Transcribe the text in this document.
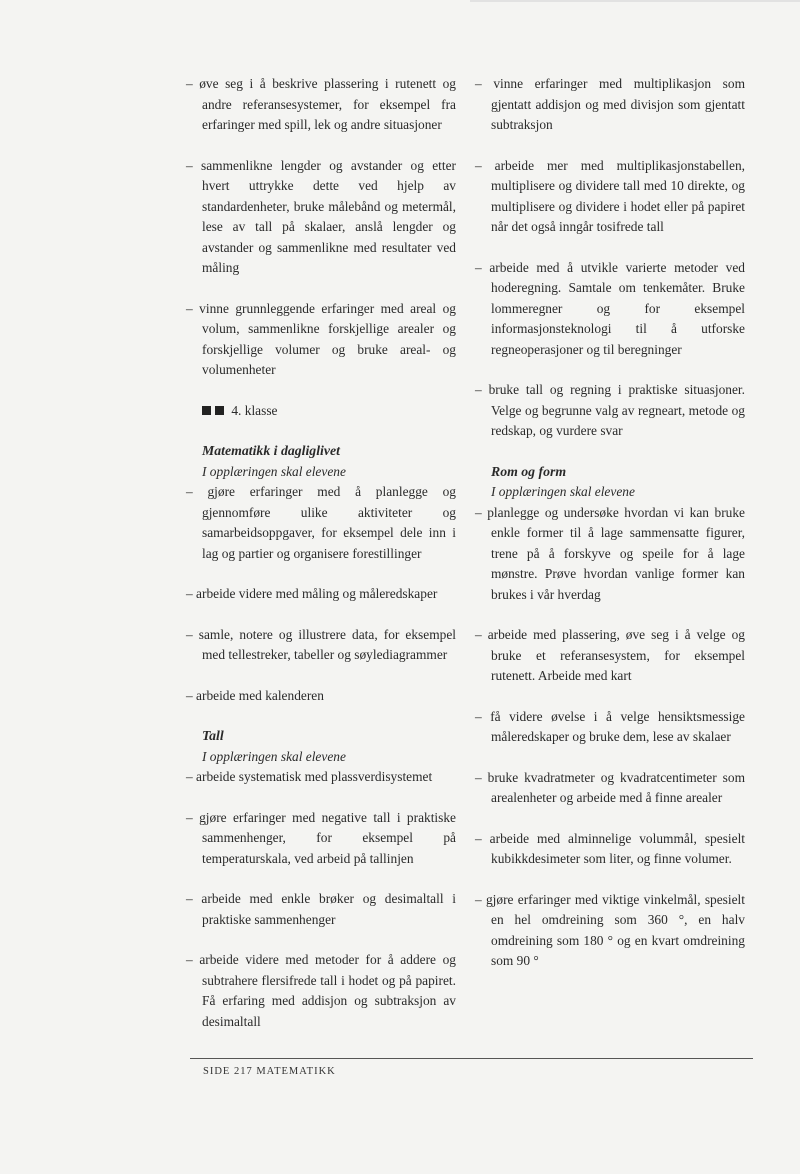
– øve seg i å beskrive plassering i rutenett og andre referansesystemer, for eksempel fra erfaringer med spill, lek og andre situasjoner

– sammenlikne lengder og avstander og etter hvert uttrykke dette ved hjelp av standardenheter, bruke målebånd og metermål, lese av tall på skalaer, anslå lengder og avstander og sammenlikne med resultater ved måling

– vinne grunnleggende erfaringer med areal og volum, sammenlikne forskjellige arealer og forskjellige volumer og bruke areal- og volumenheter

4. klasse
Matematikk i dagliglivet
I opplæringen skal elevene

– gjøre erfaringer med å planlegge og gjennomføre ulike aktiviteter og samarbeidsoppgaver, for eksempel dele inn i lag og partier og organisere forestillinger

– arbeide videre med måling og måleredskaper

– samle, notere og illustrere data, for eksempel med tellestreker, tabeller og søylediagrammer

– arbeide med kalenderen

Tall
I opplæringen skal elevene

– arbeide systematisk med plassverdisystemet

– gjøre erfaringer med negative tall i praktiske sammenhenger, for eksempel på temperaturskala, ved arbeid på tallinjen

– arbeide med enkle brøker og desimaltall i praktiske sammenhenger

– arbeide videre med metoder for å addere og subtrahere flersifrede tall i hodet og på papiret. Få erfaring med addisjon og subtraksjon av desimaltall

– vinne erfaringer med multiplikasjon som gjentatt addisjon og med divisjon som gjentatt subtraksjon

– arbeide mer med multiplikasjonstabellen, multiplisere og dividere tall med 10 direkte, og multiplisere og dividere i hodet eller på papiret når det også inngår tosifrede tall

– arbeide med å utvikle varierte metoder ved hoderegning. Samtale om tenkemåter. Bruke lommeregner og for eksempel informasjonsteknologi til å utforske regneoperasjoner og til beregninger

– bruke tall og regning i praktiske situasjoner. Velge og begrunne valg av regneart, metode og redskap, og vurdere svar

Rom og form
I opplæringen skal elevene

– planlegge og undersøke hvordan vi kan bruke enkle former til å lage sammensatte figurer, trene på å forskyve og speile for å lage mønstre. Prøve hvordan vanlige former kan brukes i vår hverdag

– arbeide med plassering, øve seg i å velge og bruke et referansesystem, for eksempel rutenett. Arbeide med kart

– få videre øvelse i å velge hensiktsmessige måleredskaper og bruke dem, lese av skalaer

– bruke kvadratmeter og kvadratcentimeter som arealenheter og arbeide med å finne arealer

– arbeide med alminnelige volummål, spesielt kubikkdesimeter som liter, og finne volumer.

– gjøre erfaringer med viktige vinkelmål, spesielt en hel omdreining som 360 °, en halv omdreining som 180 ° og en kvart omdreining som 90 °

SIDE 217 MATEMATIKK
